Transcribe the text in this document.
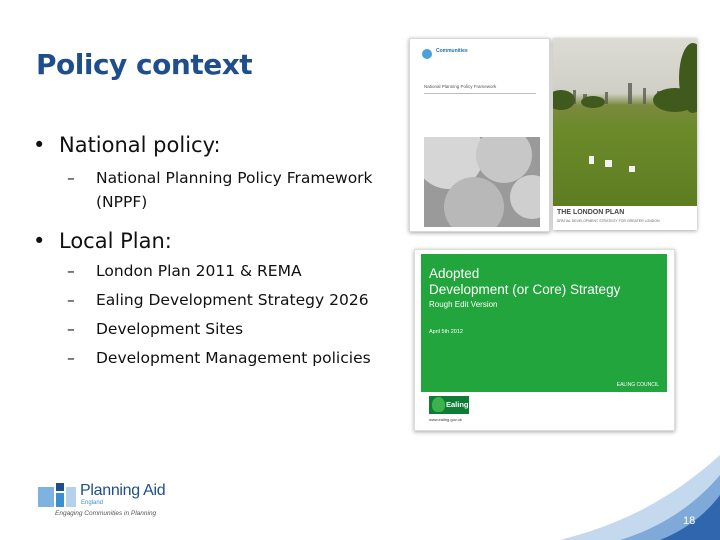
Policy context
• National policy:
– National Planning Policy Framework
(NPPF)
• Local Plan:
– London Plan 2011 & REMA
– Ealing Development Strategy 2026
– Development Sites
– Development Management policies
Communities
National Planning Policy Framework
THE LONDON PLAN
SPATIAL DEVELOPMENT STRATEGY FOR GREATER LONDON
Adopted
Development (or Core) Strategy
Rough Edit Version
April 5th 2012
EALING COUNCIL
Ealing
www.ealing.gov.uk
Planning Aid
England
Engaging Communities in Planning
18
